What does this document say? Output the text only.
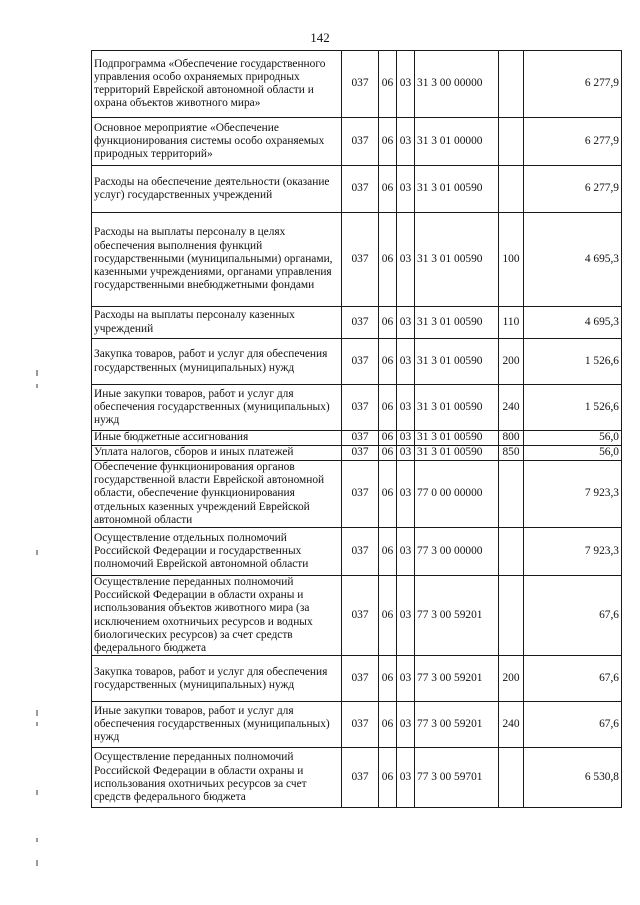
142
Подпрограмма «Обеспечение государственного управления особо охраняемых природных территорий Еврейской автономной области и охрана объектов животного мира»	037	06	03	31 3 00 00000		6 277,9
Основное мероприятие «Обеспечение функционирования системы особо охраняемых природных территорий»	037	06	03	31 3 01 00000		6 277,9
Расходы на обеспечение деятельности (оказание услуг) государственных учреждений	037	06	03	31 3 01 00590		6 277,9
Расходы на выплаты персоналу в целях обеспечения выполнения функций государственными (муниципальными) органами, казенными учреждениями, органами управления государственными внебюджетными фондами	037	06	03	31 3 01 00590	100	4 695,3
Расходы на выплаты персоналу казенных учреждений	037	06	03	31 3 01 00590	110	4 695,3
Закупка товаров, работ и услуг для обеспечения государственных (муниципальных) нужд	037	06	03	31 3 01 00590	200	1 526,6
Иные закупки товаров, работ и услуг для обеспечения государственных (муниципальных) нужд	037	06	03	31 3 01 00590	240	1 526,6
Иные бюджетные ассигнования	037	06	03	31 3 01 00590	800	56,0
Уплата налогов, сборов и иных платежей	037	06	03	31 3 01 00590	850	56,0
Обеспечение функционирования органов государственной власти Еврейской автономной области, обеспечение функционирования отдельных казенных учреждений Еврейской автономной области	037	06	03	77 0 00 00000		7 923,3
Осуществление отдельных полномочий Российской Федерации и государственных полномочий Еврейской автономной области	037	06	03	77 3 00 00000		7 923,3
Осуществление переданных полномочий Российской Федерации в области охраны и использования объектов животного мира (за исключением охотничьих ресурсов и водных биологических ресурсов) за счет средств федерального бюджета	037	06	03	77 3 00 59201		67,6
Закупка товаров, работ и услуг для обеспечения государственных (муниципальных) нужд	037	06	03	77 3 00 59201	200	67,6
Иные закупки товаров, работ и услуг для обеспечения государственных (муниципальных) нужд	037	06	03	77 3 00 59201	240	67,6
Осуществление переданных полномочий Российской Федерации в области охраны и использования охотничьих ресурсов за счет средств федерального бюджета	037	06	03	77 3 00 59701		6 530,8
